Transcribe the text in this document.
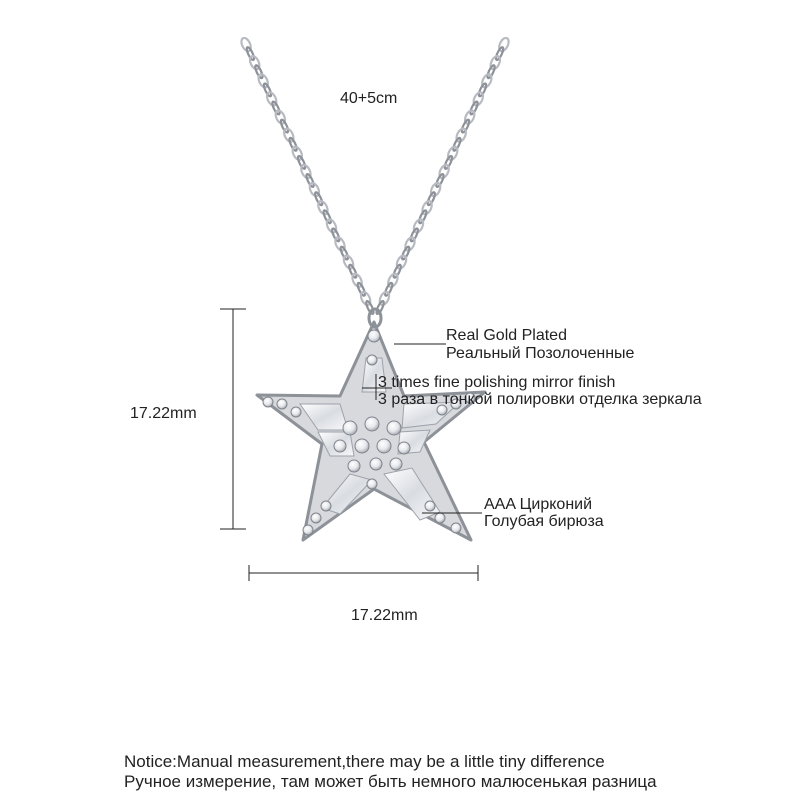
40+5cm
17.22mm
17.22mm
Real Gold Plated
Реальный Позолоченные
3 times fine polishing mirror finish
3 раза в тонкой полировки отделка зеркала
AAA Цирконий
Голубая бирюза
Notice:Manual measurement,there may be a little tiny difference
Ручное измерение, там может быть немного малюсенькая разница
